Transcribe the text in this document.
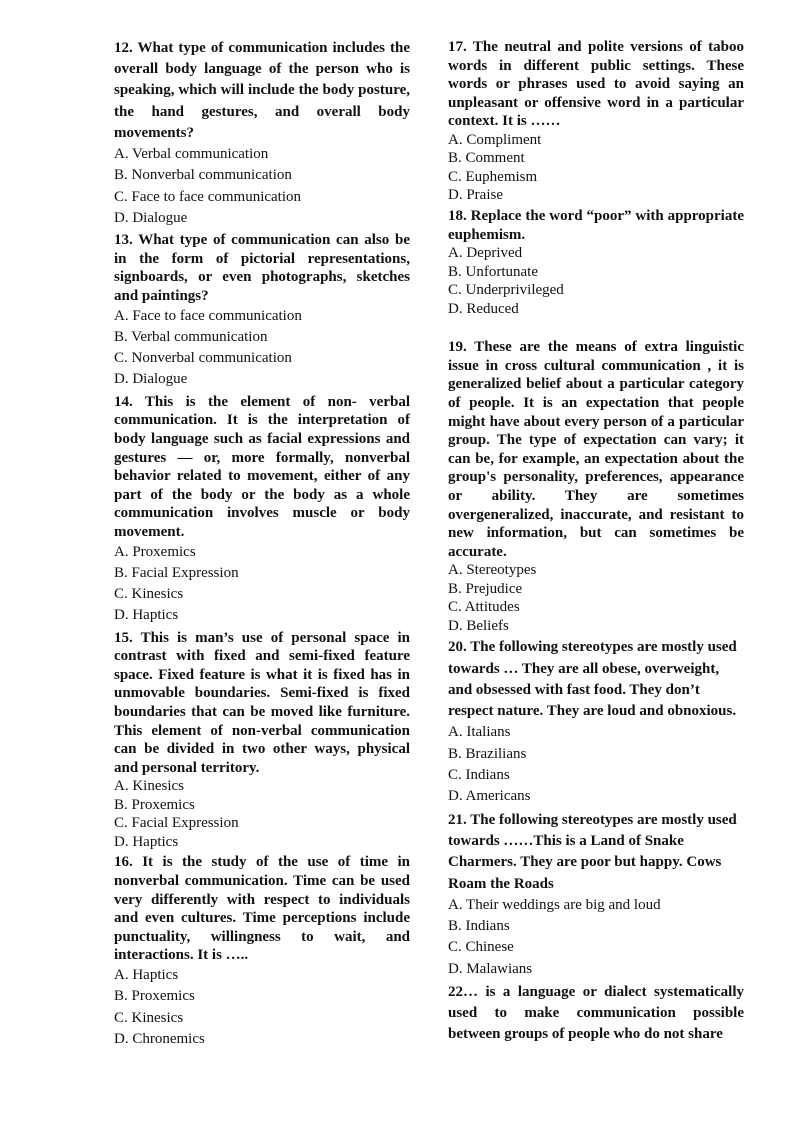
12. What type of communication includes the overall body language of the person who is speaking, which will include the body posture, the hand gestures, and overall body movements?

A. Verbal communication
B. Nonverbal communication
C. Face to face communication
D. Dialogue

13. What type of communication can also be in the form of pictorial representations, signboards, or even photographs, sketches and paintings?

A. Face to face communication
B. Verbal communication
C. Nonverbal communication
D. Dialogue

14. This is the element of non- verbal communication. It is the interpretation of body language such as facial expressions and gestures — or, more formally, nonverbal behavior related to movement, either of any part of the body or the body as a whole communication involves muscle or body movement.

A. Proxemics
B. Facial Expression
C. Kinesics
D. Haptics

15. This is man’s use of personal space in contrast with fixed and semi-fixed feature space. Fixed feature is what it is fixed has in unmovable boundaries. Semi-fixed is fixed boundaries that can be moved like furniture. This element of non-verbal communication can be divided in two other ways, physical and personal territory.

A. Kinesics
B. Proxemics
C. Facial Expression
D. Haptics

16. It is the study of the use of time in nonverbal communication. Time can be used very differently with respect to individuals and even cultures. Time perceptions include punctuality, willingness to wait, and interactions. It is …..

A. Haptics
B. Proxemics
C. Kinesics
D. Chronemics

17. The neutral and polite versions of taboo words in different public settings. These words or phrases used to avoid saying an unpleasant or offensive word in a particular context. It is ……

A. Compliment
B. Comment
C. Euphemism
D. Praise

18. Replace the word “poor” with appropriate euphemism.

A. Deprived
B. Unfortunate
C. Underprivileged
D. Reduced

19. These are the means of extra linguistic issue in cross cultural communication , it is generalized belief about a particular category of people. It is an expectation that people might have about every person of a particular group. The type of expectation can vary; it can be, for example, an expectation about the group's personality, preferences, appearance or ability. They are sometimes overgeneralized, inaccurate, and resistant to new information, but can sometimes be accurate.

A. Stereotypes
B. Prejudice
C. Attitudes
D. Beliefs

20. The following stereotypes are mostly used towards … They are all obese, overweight, and obsessed with fast food. They don’t respect nature. They are loud and obnoxious.

A. Italians
B. Brazilians
C. Indians
D. Americans

21. The following stereotypes are mostly used towards ……This is a Land of Snake Charmers. They are poor but happy. Cows Roam the Roads

A. Their weddings are big and loud
B. Indians
C. Chinese
D. Malawians

22… is a language or dialect systematically used to make communication possible between groups of people who do not share
